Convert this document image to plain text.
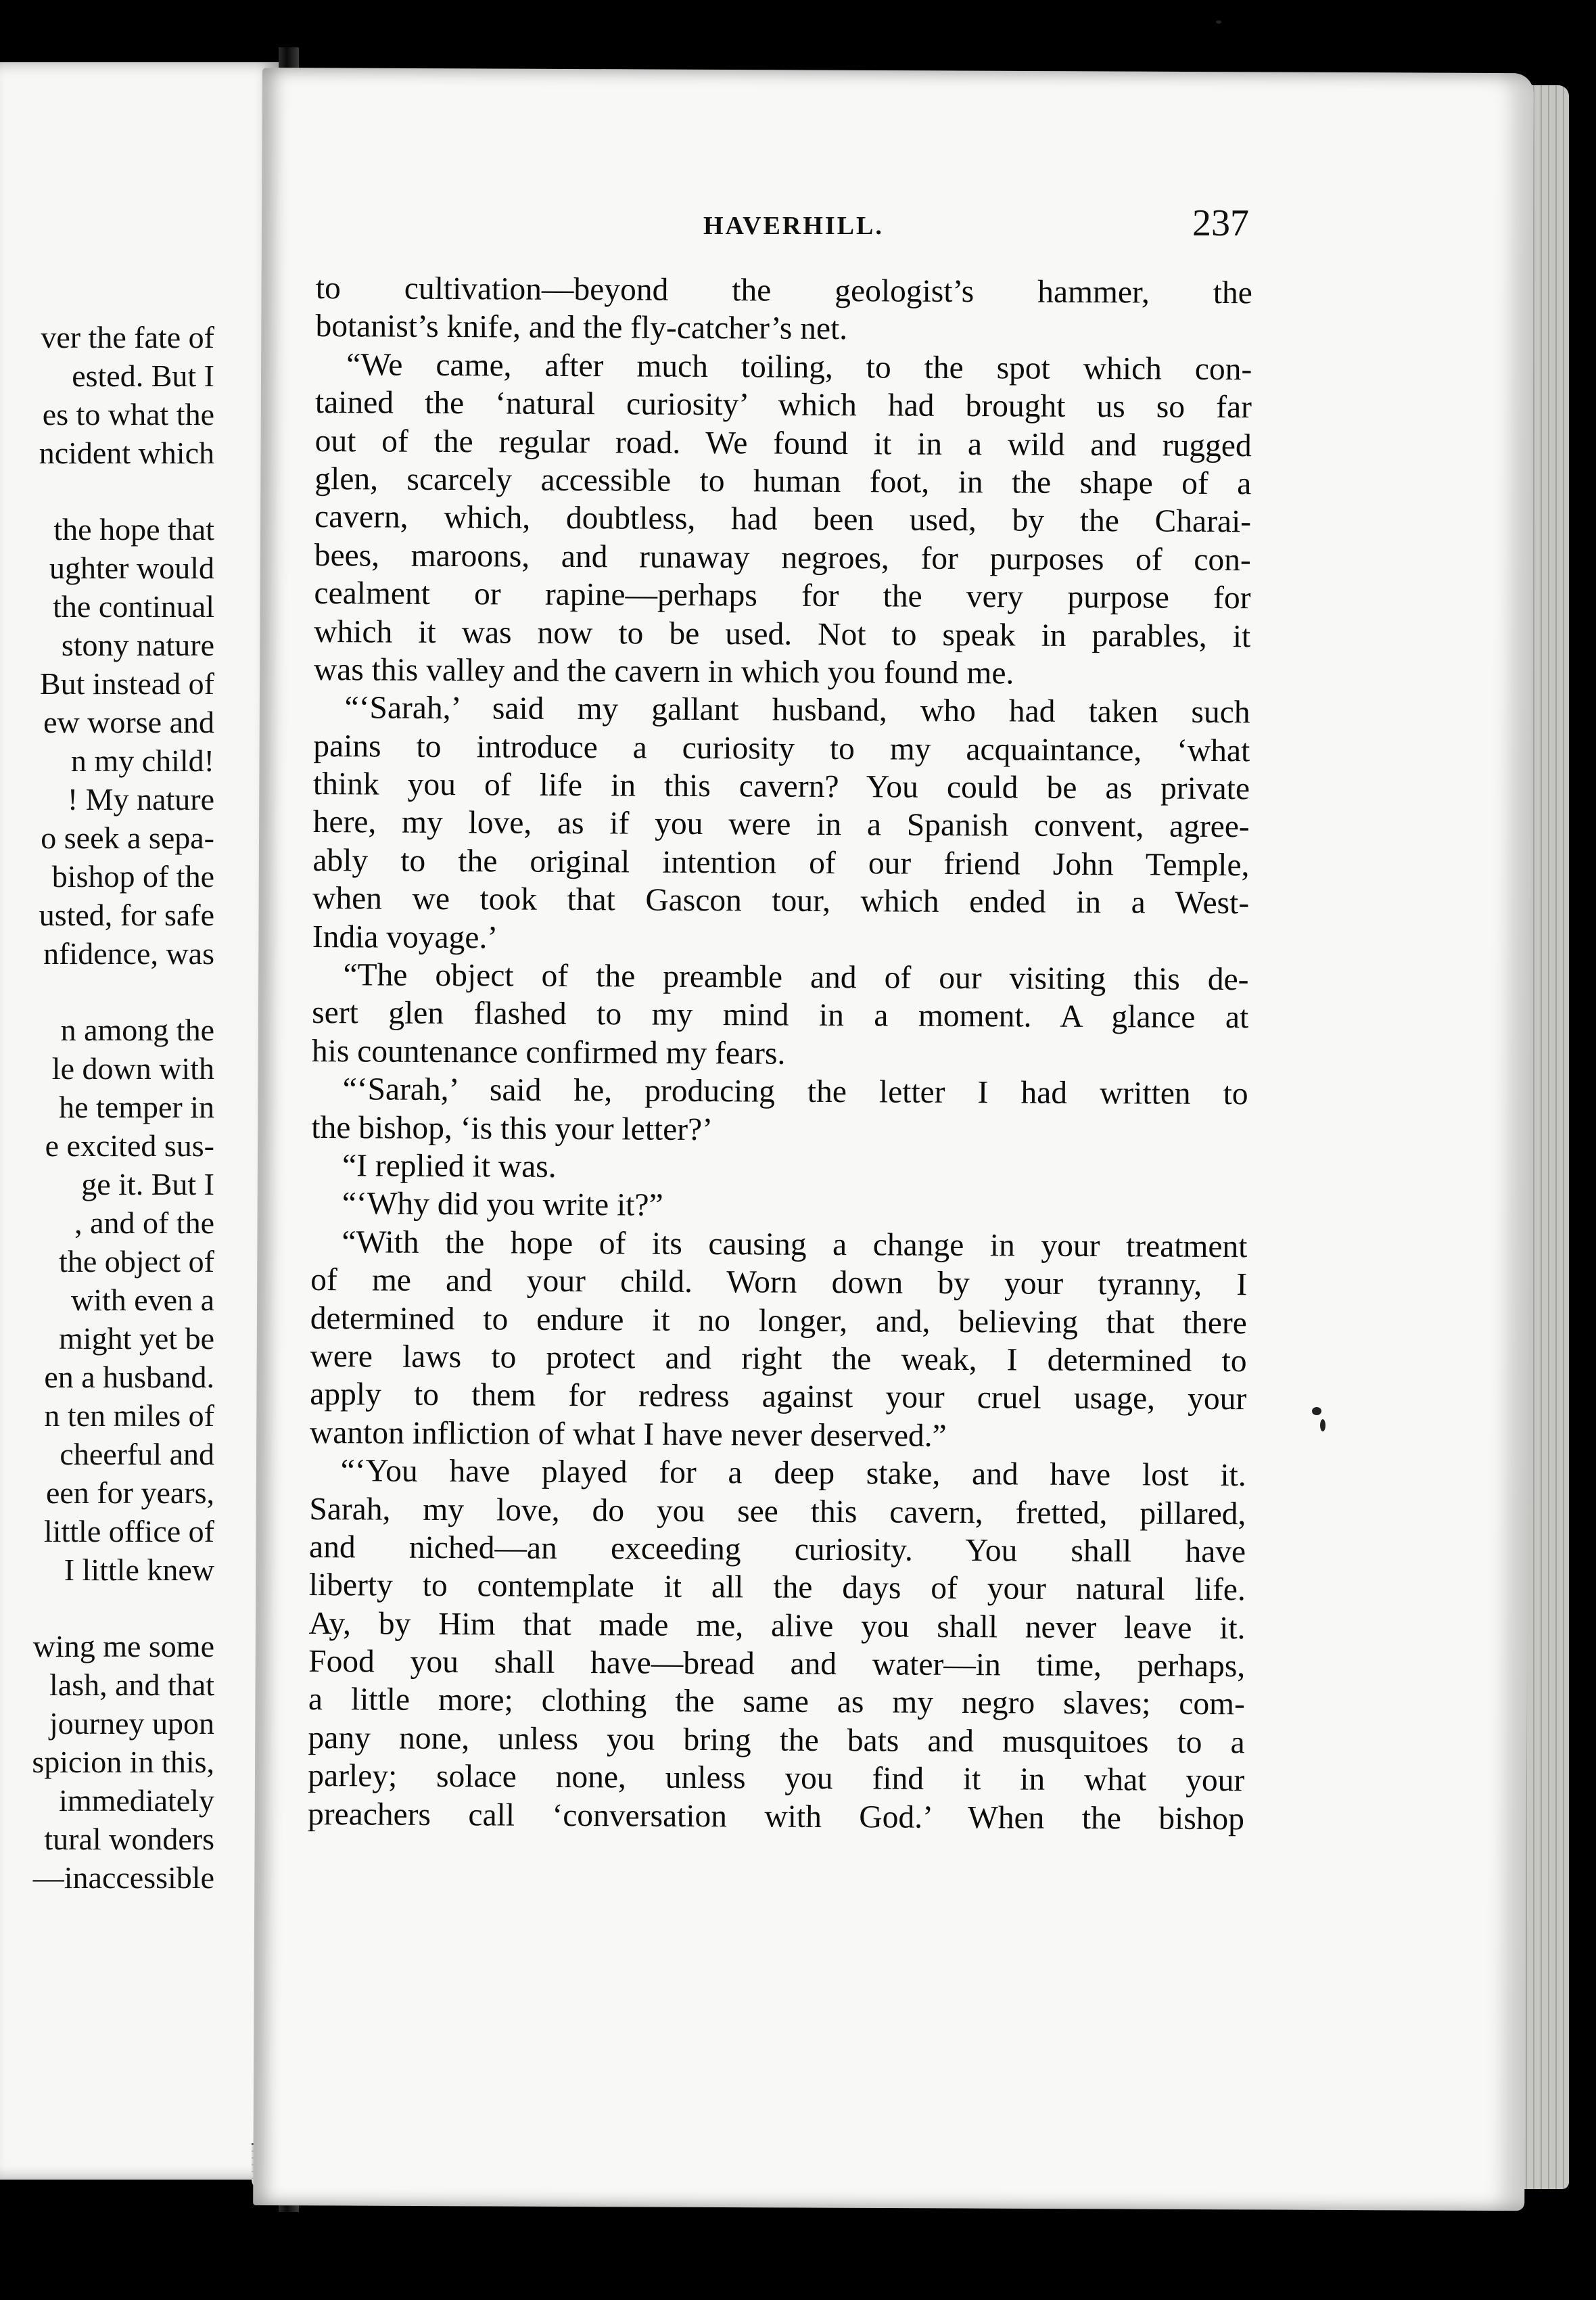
ver the fate of
ested. But I
es to what the
ncident which
the hope that
ughter would
the continual
stony nature
But instead of
ew worse and
n my child!
! My nature
o seek a sepa-
bishop of the
usted, for safe
nfidence, was
n among the
le down with
he temper in
e excited sus-
ge it. But I
, and of the
the object of
with even a
might yet be
en a husband.
n ten miles of
cheerful and
een for years,
little office of
I little knew
wing me some
lash, and that
journey upon
spicion in this,
immediately
tural wonders
—inaccessible
HAVERHILL.	237
to cultivation—beyond the geologist’s hammer, the
botanist’s knife, and the fly-catcher’s net.
“We came, after much toiling, to the spot which con-
tained the ‘natural curiosity’ which had brought us so far
out of the regular road. We found it in a wild and rugged
glen, scarcely accessible to human foot, in the shape of a
cavern, which, doubtless, had been used, by the Charai-
bees, maroons, and runaway negroes, for purposes of con-
cealment or rapine—perhaps for the very purpose for
which it was now to be used. Not to speak in parables, it
was this valley and the cavern in which you found me.
“‘Sarah,’ said my gallant husband, who had taken such
pains to introduce a curiosity to my acquaintance, ‘what
think you of life in this cavern? You could be as private
here, my love, as if you were in a Spanish convent, agree-
ably to the original intention of our friend John Temple,
when we took that Gascon tour, which ended in a West-
India voyage.’
“The object of the preamble and of our visiting this de-
sert glen flashed to my mind in a moment. A glance at
his countenance confirmed my fears.
“‘Sarah,’ said he, producing the letter I had written to
the bishop, ‘is this your letter?’
“I replied it was.
“‘Why did you write it?”
“With the hope of its causing a change in your treatment
of me and your child. Worn down by your tyranny, I
determined to endure it no longer, and, believing that there
were laws to protect and right the weak, I determined to
apply to them for redress against your cruel usage, your
wanton infliction of what I have never deserved.”
“‘You have played for a deep stake, and have lost it.
Sarah, my love, do you see this cavern, fretted, pillared,
and niched—an exceeding curiosity. You shall have
liberty to contemplate it all the days of your natural life.
Ay, by Him that made me, alive you shall never leave it.
Food you shall have—bread and water—in time, perhaps,
a little more; clothing the same as my negro slaves; com-
pany none, unless you bring the bats and musquitoes to a
parley; solace none, unless you find it in what your
preachers call ‘conversation with God.’ When the bishop
